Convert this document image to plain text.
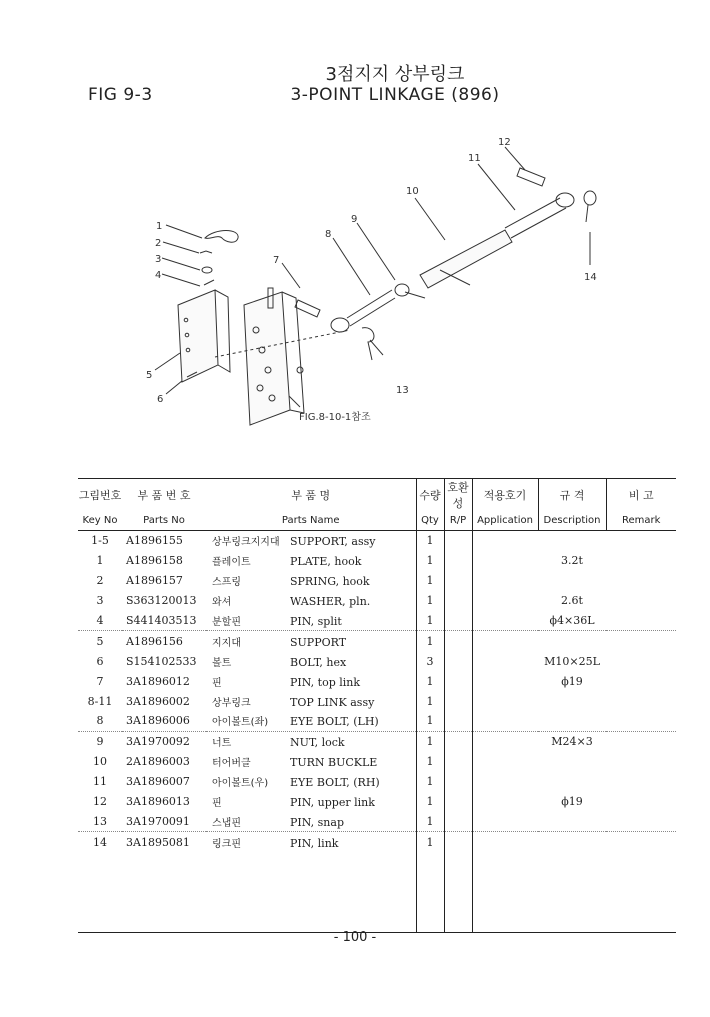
FIG 9-3
3점지지 상부링크
3-POINT LINKAGE (896)
1
2
3
4
5
6
7
8
9
10
11
12
13
14
FIG.8-10-1참조
그림번호	부 품 번 호	부 품 명	수량	호환성	적용호기	규 격	비 고
Key No	Parts No	Parts Name	Qty	R/P	Application	Description	Remark
1-5	A1896155	상부링크지지대 SUPPORT, assy	1				
1	A1896158	플레이트 PLATE, hook	1			3.2t	
2	A1896157	스프링 SPRING, hook	1				
3	S363120013	와셔 WASHER, pln.	1			2.6t	
4	S441403513	분할핀 PIN, split	1			ϕ4×36L	
5	A1896156	지지대 SUPPORT	1				
6	S154102533	볼트 BOLT, hex	3			M10×25L	
7	3A1896012	핀 PIN, top link	1			ϕ19	
8-11	3A1896002	상부링크 TOP LINK assy	1				
8	3A1896006	아이볼트(좌) EYE BOLT, (LH)	1				
9	3A1970092	너트 NUT, lock	1			M24×3	
10	2A1896003	터어버클 TURN BUCKLE	1				
11	3A1896007	아이볼트(우) EYE BOLT, (RH)	1				
12	3A1896013	핀 PIN, upper link	1			ϕ19	
13	3A1970091	스냅핀 PIN, snap	1				
14	3A1895081	링크핀 PIN, link	1				

- 100 -
